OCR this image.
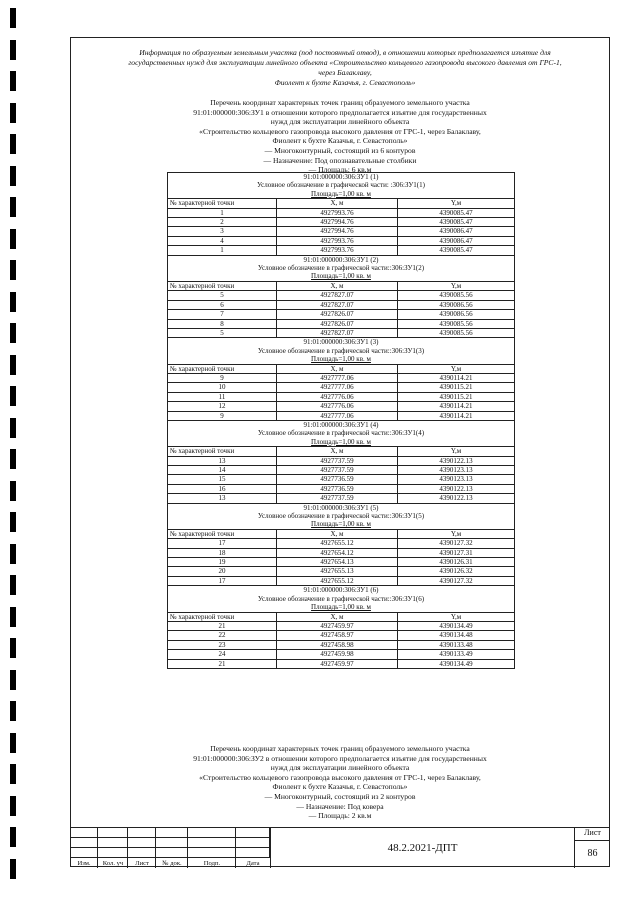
Информация по образуемым земельным участка (под постоянный отвод), в отношении которых предполагается изъятие для
государственных нужд для эксплуатации линейного объекта «Строительство кольцевого газопровода высокого давления от ГРС-1,
через Балаклаву,
Фиолент к бухте Казачья, г. Севастополь»
Перечень координат характерных точек границ образуемого земельного участка
91:01:000000:306:ЗУ1 в отношении которого предполагается изъятие для государственных
нужд для эксплуатации линейного объекта
«Строительство кольцевого газопровода высокого давления от ГРС-1, через Балаклаву,
Фиолент к бухте Казачья, г. Севастополь»
— Многоконтурный, состоящий из 6 контуров
— Назначение: Под опознавательные столбики
— Площадь: 6 кв.м
91:01:000000:306:ЗУ1 (1)		
Условное обозначение в графической части: :306:ЗУ1(1)		
Площадь=1,00 кв. м		
№ характерной точки	X, м	Y,м
1	4927993.76	4390085.47
2	4927994.76	4390085.47
3	4927994.76	4390086.47
4	4927993.76	4390086.47
1	4927993.76	4390085.47
91:01:000000:306:ЗУ1 (2)		
Условное обозначение в графической части::306:ЗУ1(2)		
Площадь=1,00 кв. м		
№ характерной точки	X, м	Y,м
5	4927827.07	4390085.56
6	4927827.07	4390086.56
7	4927826.07	4390086.56
8	4927826.07	4390085.56
5	4927827.07	4390085.56
91:01:000000:306:ЗУ1 (3)		
Условное обозначение в графической части::306:ЗУ1(3)		
Площадь=1,00 кв. м		
№ характерной точки	X, м	Y,м
9	4927777.06	4390114.21
10	4927777.06	4390115.21
11	4927776.06	4390115.21
12	4927776.06	4390114.21
9	4927777.06	4390114.21
91:01:000000:306:ЗУ1 (4)		
Условное обозначение в графической части::306:ЗУ1(4)		
Площадь=1,00 кв. м		
№ характерной точки	X, м	Y,м
13	4927737.59	4390122.13
14	4927737.59	4390123.13
15	4927736.59	4390123.13
16	4927736.59	4390122.13
13	4927737.59	4390122.13
91:01:000000:306:ЗУ1 (5)		
Условное обозначение в графической части::306:ЗУ1(5)		
Площадь=1,00 кв. м		
№ характерной точки	X, м	Y,м
17	4927655.12	4390127.32
18	4927654.12	4390127.31
19	4927654.13	4390126.31
20	4927655.13	4390126.32
17	4927655.12	4390127.32
91:01:000000:306:ЗУ1 (6)		
Условное обозначение в графической части::306:ЗУ1(6)		
Площадь=1,00 кв. м		
№ характерной точки	X, м	Y,м
21	4927459.97	4390134.49
22	4927458.97	4390134.48
23	4927458.98	4390133.48
24	4927459.98	4390133.49
21	4927459.97	4390134.49
Перечень координат характерных точек границ образуемого земельного участка
91:01:000000:306:ЗУ2 в отношении которого предполагается изъятие для государственных
нужд для эксплуатации линейного объекта
«Строительство кольцевого газопровода высокого давления от ГРС-1, через Балаклаву,
Фиолент к бухте Казачья, г. Севастополь»
— Многоконтурный, состоящий из 2 контуров
— Назначение: Под ковера
— Площадь: 2 кв.м
Изм.	Кол. уч	Лист	№ док.	Подп.	Дата
48.2.2021-ДПТ
Лист
86
